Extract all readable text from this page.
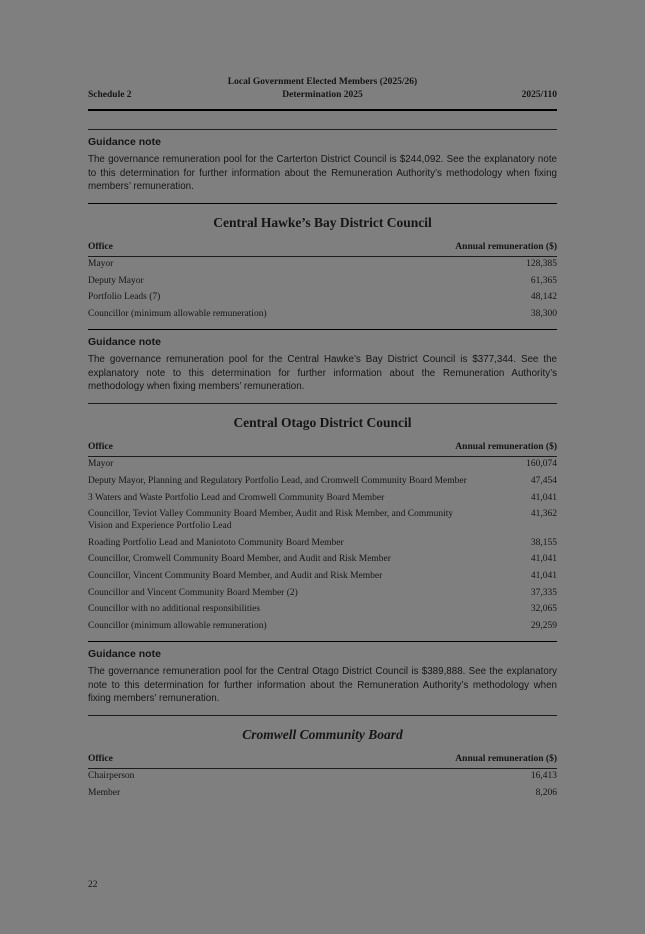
Local Government Elected Members (2025/26)
Schedule 2	Determination 2025	2025/110
Guidance note

The governance remuneration pool for the Carterton District Council is $244,092. See the explanatory note to this determination for further information about the Remuneration Authority’s methodology when fixing members’ remuneration.

Central Hawke’s Bay District Council
Office	Annual remuneration ($)
Mayor	128,385
Deputy Mayor	61,365
Portfolio Leads (7)	48,142
Councillor (minimum allowable remuneration)	38,300
Guidance note

The governance remuneration pool for the Central Hawke’s Bay District Council is $377,344. See the explanatory note to this determination for further information about the Remuneration Authority’s methodology when fixing members’ remuneration.

Central Otago District Council
Office	Annual remuneration ($)
Mayor	160,074
Deputy Mayor, Planning and Regulatory Portfolio Lead, and Cromwell Community Board Member	47,454
3 Waters and Waste Portfolio Lead and Cromwell Community Board Member	41,041
Councillor, Teviot Valley Community Board Member, Audit and Risk Member, and Community Vision and Experience Portfolio Lead
41,362
Roading Portfolio Lead and Maniototo Community Board Member	38,155
Councillor, Cromwell Community Board Member, and Audit and Risk Member	41,041
Councillor, Vincent Community Board Member, and Audit and Risk Member	41,041
Councillor and Vincent Community Board Member (2)	37,335
Councillor with no additional responsibilities	32,065
Councillor (minimum allowable remuneration)	29,259
Guidance note

The governance remuneration pool for the Central Otago District Council is $389,888. See the explanatory note to this determination for further information about the Remuneration Authority’s methodology when fixing members’ remuneration.

Cromwell Community Board
Office	Annual remuneration ($)
Chairperson	16,413
Member	8,206
22
